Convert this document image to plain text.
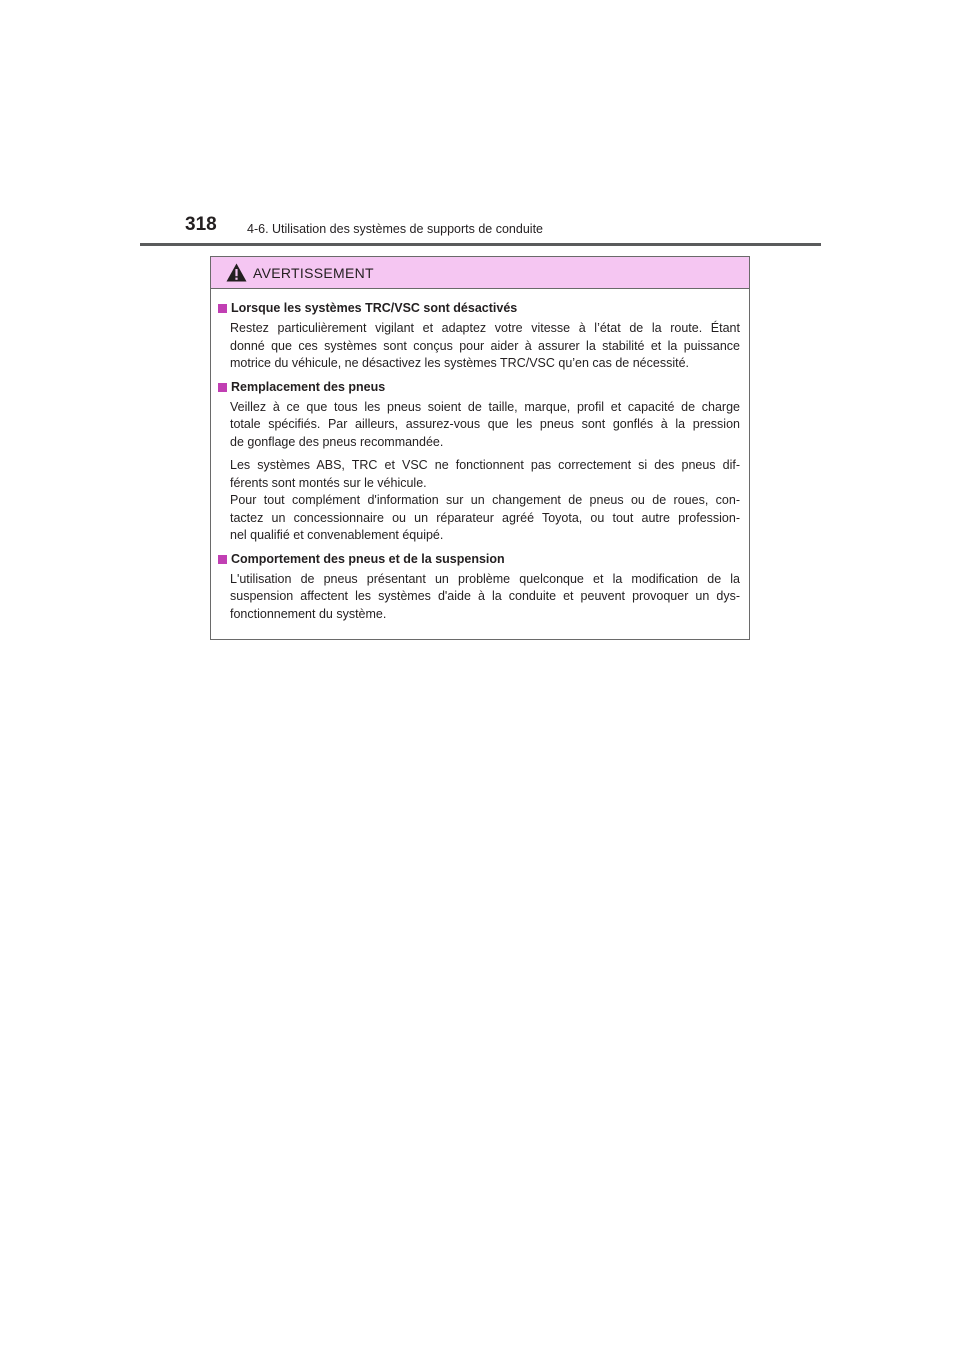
318 4-6. Utilisation des systèmes de supports de conduite
AVERTISSEMENT
Lorsque les systèmes TRC/VSC sont désactivés
Restez particulièrement vigilant et adaptez votre vitesse à l’état de la route. Étant
donné que ces systèmes sont conçus pour aider à assurer la stabilité et la puissance
motrice du véhicule, ne désactivez les systèmes TRC/VSC qu’en cas de nécessité.
Remplacement des pneus
Veillez à ce que tous les pneus soient de taille, marque, profil et capacité de charge
totale spécifiés. Par ailleurs, assurez-vous que les pneus sont gonflés à la pression
de gonflage des pneus recommandée.
Les systèmes ABS, TRC et VSC ne fonctionnent pas correctement si des pneus dif-
férents sont montés sur le véhicule.
Pour tout complément d'information sur un changement de pneus ou de roues, con-
tactez un concessionnaire ou un réparateur agréé Toyota, ou tout autre profession-
nel qualifié et convenablement équipé.
Comportement des pneus et de la suspension
L'utilisation de pneus présentant un problème quelconque et la modification de la
suspension affectent les systèmes d'aide à la conduite et peuvent provoquer un dys-
fonctionnement du système.
